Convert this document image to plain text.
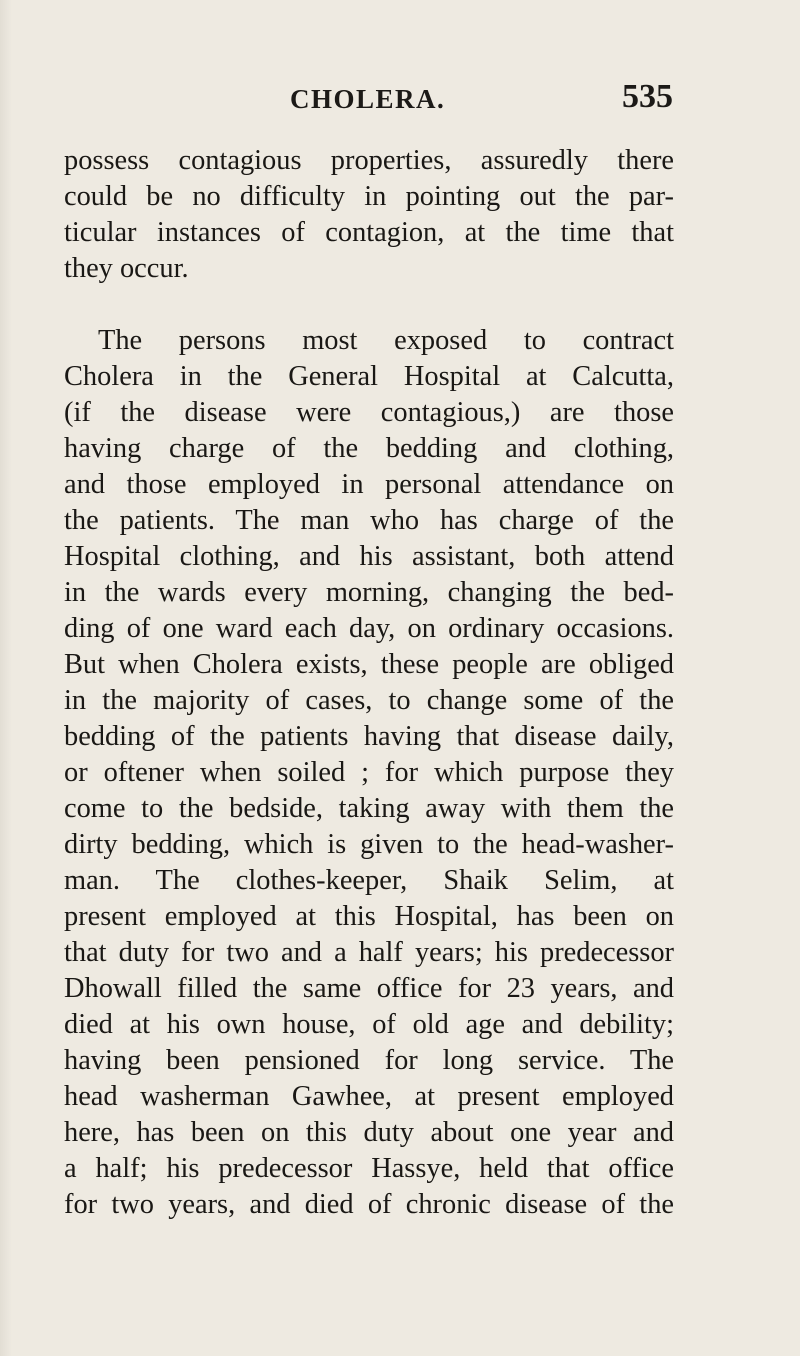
CHOLERA.	535
possess contagious properties, assuredly there
could be no difficulty in pointing out the par-
ticular instances of contagion, at the time that
they occur.
The persons most exposed to contract
Cholera in the General Hospital at Calcutta,
(if the disease were contagious,) are those
having charge of the bedding and clothing,
and those employed in personal attendance on
the patients. The man who has charge of the
Hospital clothing, and his assistant, both attend
in the wards every morning, changing the bed-
ding of one ward each day, on ordinary occasions.
But when Cholera exists, these people are obliged
in the majority of cases, to change some of the
bedding of the patients having that disease daily,
or oftener when soiled ; for which purpose they
come to the bedside, taking away with them the
dirty bedding, which is given to the head-washer-
man. The clothes-keeper, Shaik Selim, at
present employed at this Hospital, has been on
that duty for two and a half years; his predecessor
Dhowall filled the same office for 23 years, and
died at his own house, of old age and debility;
having been pensioned for long service. The
head washerman Gawhee, at present employed
here, has been on this duty about one year and
a half; his predecessor Hassye, held that office
for two years, and died of chronic disease of the
